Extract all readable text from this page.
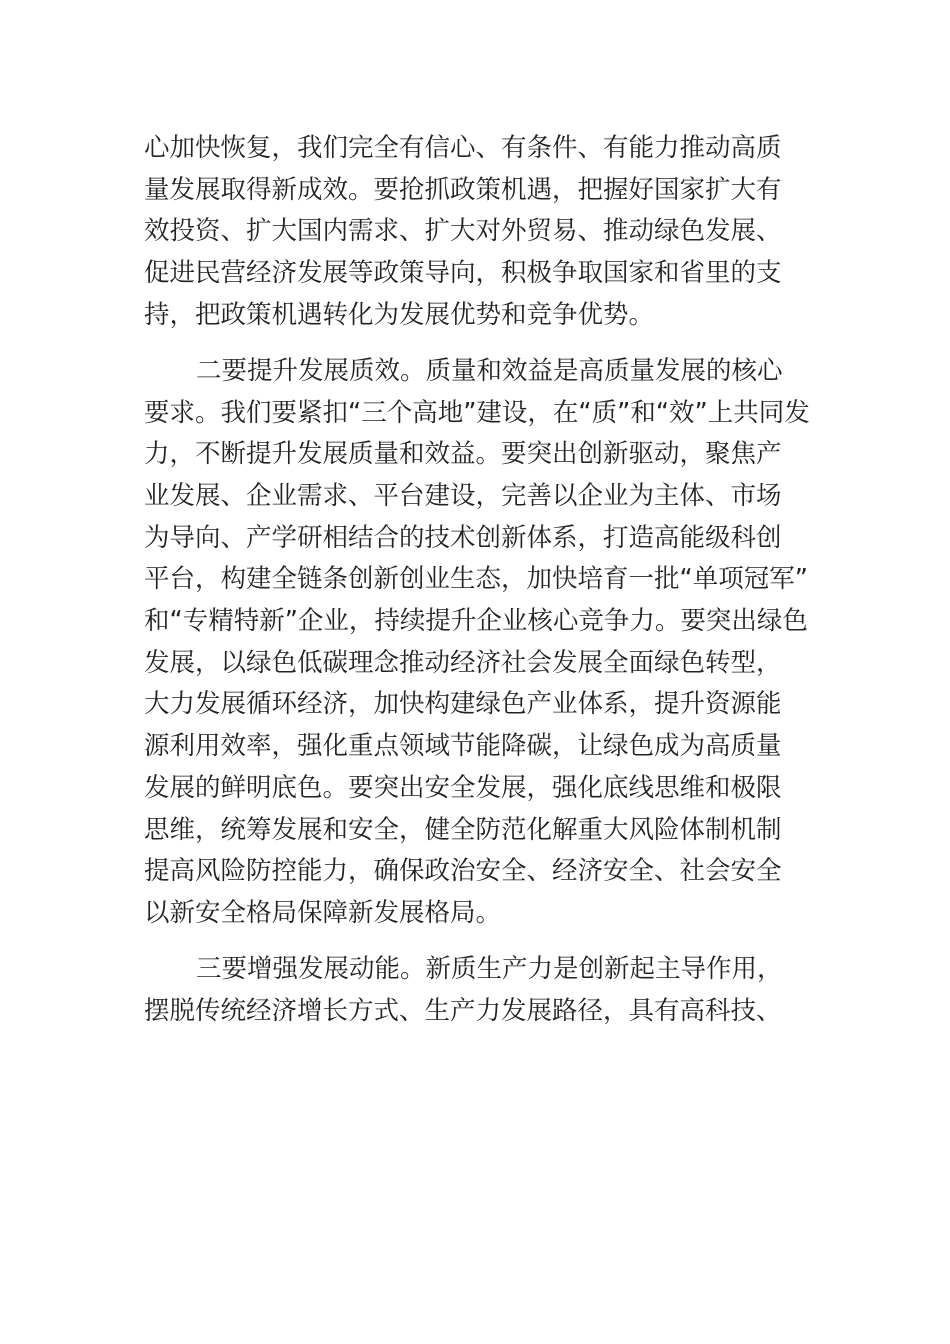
心加快恢复，我们完全有信心、有条件、有能力推动高质
量发展取得新成效。要抢抓政策机遇，把握好国家扩大有
效投资、扩大国内需求、扩大对外贸易、推动绿色发展、
促进民营经济发展等政策导向，积极争取国家和省里的支
持，把政策机遇转化为发展优势和竞争优势。

二要提升发展质效。质量和效益是高质量发展的核心
要求。我们要紧扣“三个高地”建设，在“质”和“效”上共同发
力，不断提升发展质量和效益。要突出创新驱动，聚焦产
业发展、企业需求、平台建设，完善以企业为主体、市场
为导向、产学研相结合的技术创新体系，打造高能级科创
平台，构建全链条创新创业生态，加快培育一批“单项冠军”
和“专精特新”企业，持续提升企业核心竞争力。要突出绿色
发展，以绿色低碳理念推动经济社会发展全面绿色转型，
大力发展循环经济，加快构建绿色产业体系，提升资源能
源利用效率，强化重点领域节能降碳，让绿色成为高质量
发展的鲜明底色。要突出安全发展，强化底线思维和极限
思维，统筹发展和安全，健全防范化解重大风险体制机制
提高风险防控能力，确保政治安全、经济安全、社会安全
以新安全格局保障新发展格局。

三要增强发展动能。新质生产力是创新起主导作用，
摆脱传统经济增长方式、生产力发展路径，具有高科技、
